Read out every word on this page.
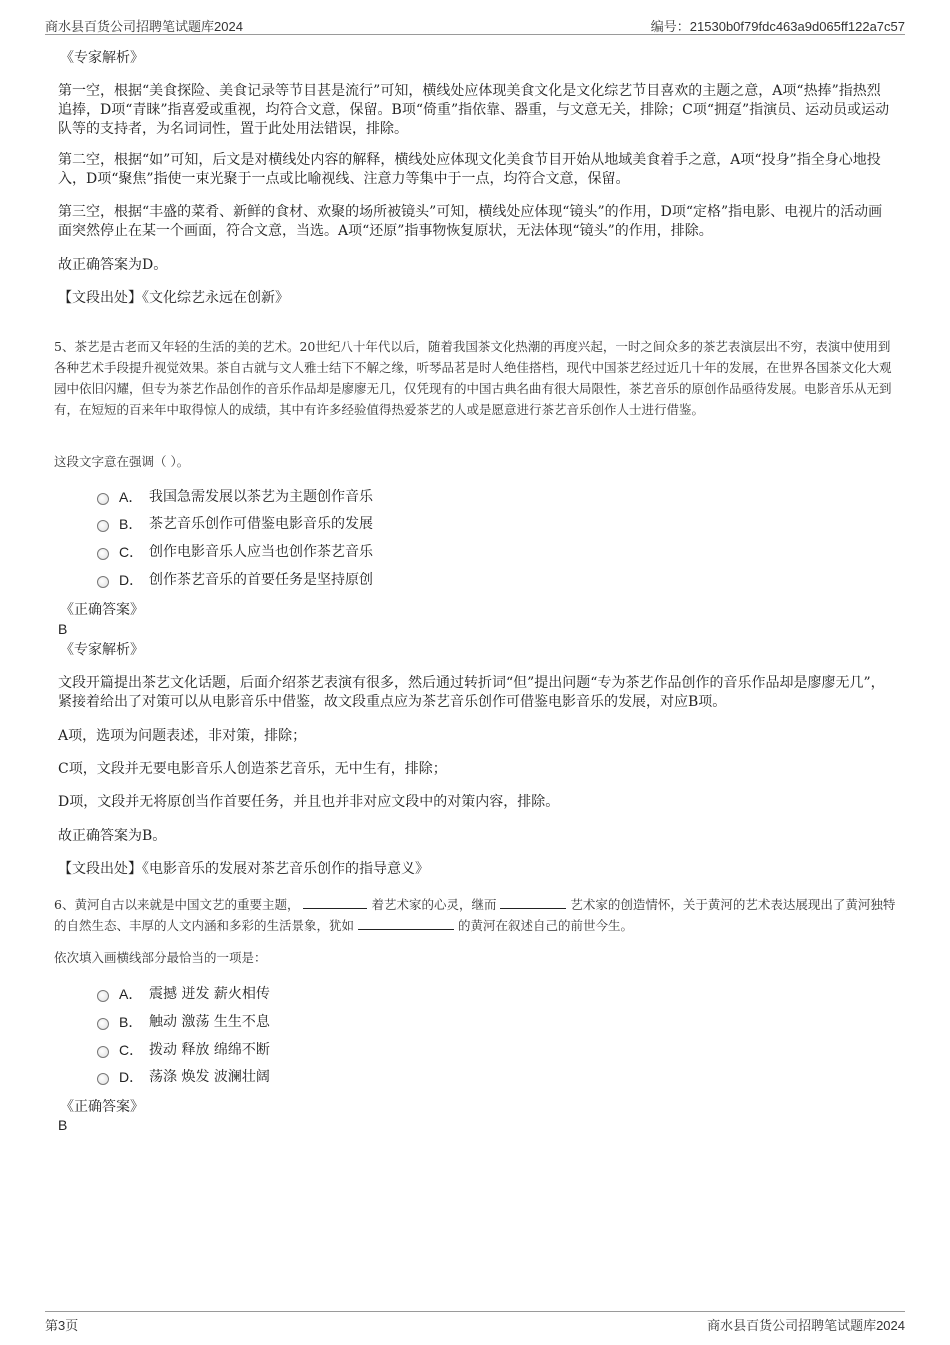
商水县百货公司招聘笔试题库2024	编号：21530b0f79fdc463a9d065ff122a7c57
《专家解析》
第一空，根据“美食探险、美食记录等节目甚是流行”可知，横线处应体现美食文化是文化综艺节目喜欢的主题之意，A项“热捧”指热烈追捧，D项“青睐”指喜爱或重视，均符合文意，保留。B项“倚重”指依靠、器重，与文意无关，排除；C项“拥趸”指演员、运动员或运动队等的支持者，为名词词性，置于此处用法错误，排除。
第二空，根据“如”可知，后文是对横线处内容的解释，横线处应体现文化美食节目开始从地域美食着手之意，A项“投身”指全身心地投入，D项“聚焦”指使一束光聚于一点或比喻视线、注意力等集中于一点，均符合文意，保留。
第三空，根据“丰盛的菜肴、新鲜的食材、欢聚的场所被镜头”可知，横线处应体现“镜头”的作用，D项“定格”指电影、电视片的活动画面突然停止在某一个画面，符合文意，当选。A项“还原”指事物恢复原状，无法体现“镜头”的作用，排除。
故正确答案为D。
【文段出处】《文化综艺永远在创新》
5、茶艺是古老而又年轻的生活的美的艺术。20世纪八十年代以后，随着我国茶文化热潮的再度兴起，一时之间众多的茶艺表演层出不穷，表演中使用到各种艺术手段提升视觉效果。茶自古就与文人雅士结下不解之缘，听琴品茗是时人绝佳搭档，现代中国茶艺经过近几十年的发展，在世界各国茶文化大观园中依旧闪耀，但专为茶艺作品创作的音乐作品却是廖廖无几，仅凭现有的中国古典名曲有很大局限性，茶艺音乐的原创作品亟待发展。电影音乐从无到有，在短短的百来年中取得惊人的成绩，其中有许多经验值得热爱茶艺的人或是愿意进行茶艺音乐创作人士进行借鉴。
这段文字意在强调（ ）。
A． 我国急需发展以茶艺为主题创作音乐
B． 茶艺音乐创作可借鉴电影音乐的发展
C． 创作电影音乐人应当也创作茶艺音乐
D． 创作茶艺音乐的首要任务是坚持原创
《正确答案》
B
《专家解析》
文段开篇提出茶艺文化话题，后面介绍茶艺表演有很多，然后通过转折词“但”提出问题“专为茶艺作品创作的音乐作品却是廖廖无几”，紧接着给出了对策可以从电影音乐中借鉴，故文段重点应为茶艺音乐创作可借鉴电影音乐的发展，对应B项。
A项，选项为问题表述，非对策，排除；
C项，文段并无要电影音乐人创造茶艺音乐，无中生有，排除；
D项，文段并无将原创当作首要任务，并且也并非对应文段中的对策内容，排除。
故正确答案为B。
【文段出处】《电影音乐的发展对茶艺音乐创作的指导意义》
6、黄河自古以来就是中国文艺的重要主题，	着艺术家的心灵，继而	艺术家的创造情怀，关于黄河的艺术表达展现出了黄河独特的自然生态、丰厚的人文内涵和多彩的生活景象，犹如	的黄河在叙述自己的前世今生。
依次填入画横线部分最恰当的一项是：
A． 震撼 迸发 薪火相传
B． 触动 激荡 生生不息
C． 拨动 释放 绵绵不断
D． 荡涤 焕发 波澜壮阔
《正确答案》
B
第3页	商水县百货公司招聘笔试题库2024
